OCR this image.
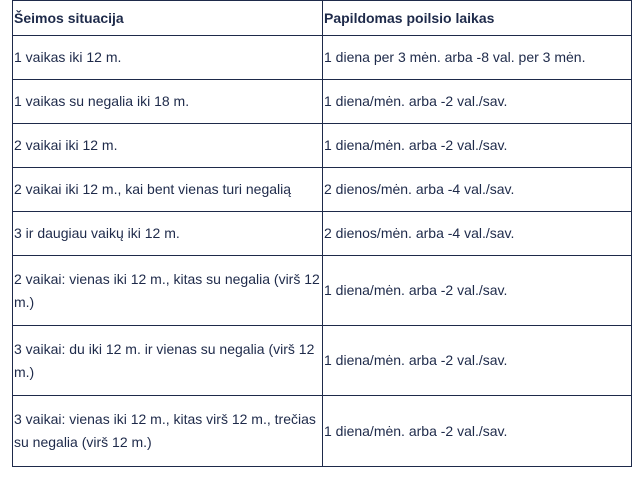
Šeimos situacija	Papildomas poilsio laikas
1 vaikas iki 12 m.	1 diena per 3 mėn. arba -8 val. per 3 mėn.
1 vaikas su negalia iki 18 m.	1 diena/mėn. arba -2 val./sav.
2 vaikai iki 12 m.	1 diena/mėn. arba -2 val./sav.
2 vaikai iki 12 m., kai bent vienas turi negalią	2 dienos/mėn. arba -4 val./sav.
3 ir daugiau vaikų iki 12 m.	2 dienos/mėn. arba -4 val./sav.
2 vaikai: vienas iki 12 m., kitas su negalia (virš 12 m.)	1 diena/mėn. arba -2 val./sav.
3 vaikai: du iki 12 m. ir vienas su negalia (virš 12 m.)	1 diena/mėn. arba -2 val./sav.
3 vaikai: vienas iki 12 m., kitas virš 12 m., trečias su negalia (virš 12 m.)	1 diena/mėn. arba -2 val./sav.
